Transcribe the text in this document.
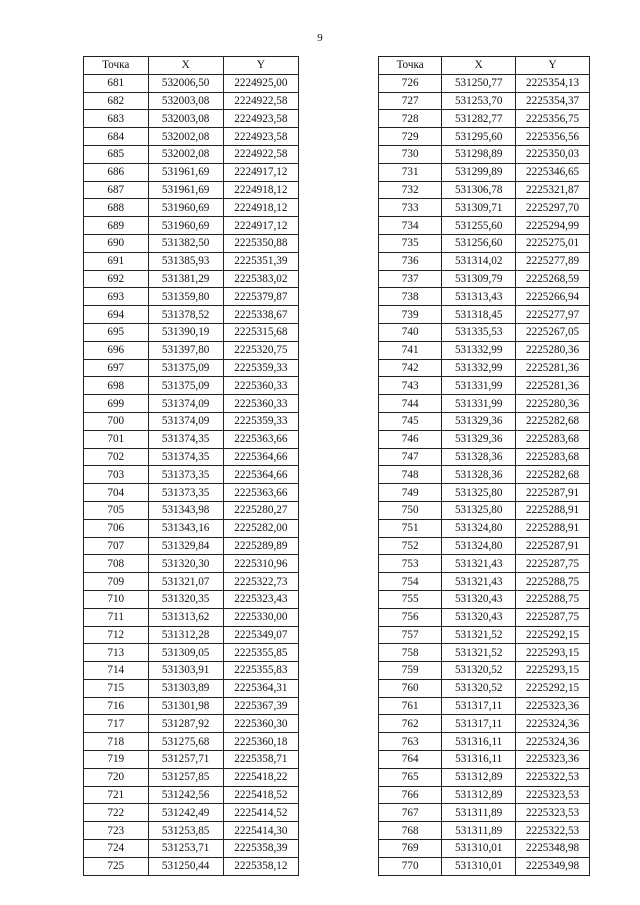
9
Точка	X	Y
681	532006,50	2224925,00
682	532003,08	2224922,58
683	532003,08	2224923,58
684	532002,08	2224923,58
685	532002,08	2224922,58
686	531961,69	2224917,12
687	531961,69	2224918,12
688	531960,69	2224918,12
689	531960,69	2224917,12
690	531382,50	2225350,88
691	531385,93	2225351,39
692	531381,29	2225383,02
693	531359,80	2225379,87
694	531378,52	2225338,67
695	531390,19	2225315,68
696	531397,80	2225320,75
697	531375,09	2225359,33
698	531375,09	2225360,33
699	531374,09	2225360,33
700	531374,09	2225359,33
701	531374,35	2225363,66
702	531374,35	2225364,66
703	531373,35	2225364,66
704	531373,35	2225363,66
705	531343,98	2225280,27
706	531343,16	2225282,00
707	531329,84	2225289,89
708	531320,30	2225310,96
709	531321,07	2225322,73
710	531320,35	2225323,43
711	531313,62	2225330,00
712	531312,28	2225349,07
713	531309,05	2225355,85
714	531303,91	2225355,83
715	531303,89	2225364,31
716	531301,98	2225367,39
717	531287,92	2225360,30
718	531275,68	2225360,18
719	531257,71	2225358,71
720	531257,85	2225418,22
721	531242,56	2225418,52
722	531242,49	2225414,52
723	531253,85	2225414,30
724	531253,71	2225358,39
725	531250,44	2225358,12
Точка	X	Y
726	531250,77	2225354,13
727	531253,70	2225354,37
728	531282,77	2225356,75
729	531295,60	2225356,56
730	531298,89	2225350,03
731	531299,89	2225346,65
732	531306,78	2225321,87
733	531309,71	2225297,70
734	531255,60	2225294,99
735	531256,60	2225275,01
736	531314,02	2225277,89
737	531309,79	2225268,59
738	531313,43	2225266,94
739	531318,45	2225277,97
740	531335,53	2225267,05
741	531332,99	2225280,36
742	531332,99	2225281,36
743	531331,99	2225281,36
744	531331,99	2225280,36
745	531329,36	2225282,68
746	531329,36	2225283,68
747	531328,36	2225283,68
748	531328,36	2225282,68
749	531325,80	2225287,91
750	531325,80	2225288,91
751	531324,80	2225288,91
752	531324,80	2225287,91
753	531321,43	2225287,75
754	531321,43	2225288,75
755	531320,43	2225288,75
756	531320,43	2225287,75
757	531321,52	2225292,15
758	531321,52	2225293,15
759	531320,52	2225293,15
760	531320,52	2225292,15
761	531317,11	2225323,36
762	531317,11	2225324,36
763	531316,11	2225324,36
764	531316,11	2225323,36
765	531312,89	2225322,53
766	531312,89	2225323,53
767	531311,89	2225323,53
768	531311,89	2225322,53
769	531310,01	2225348,98
770	531310,01	2225349,98
